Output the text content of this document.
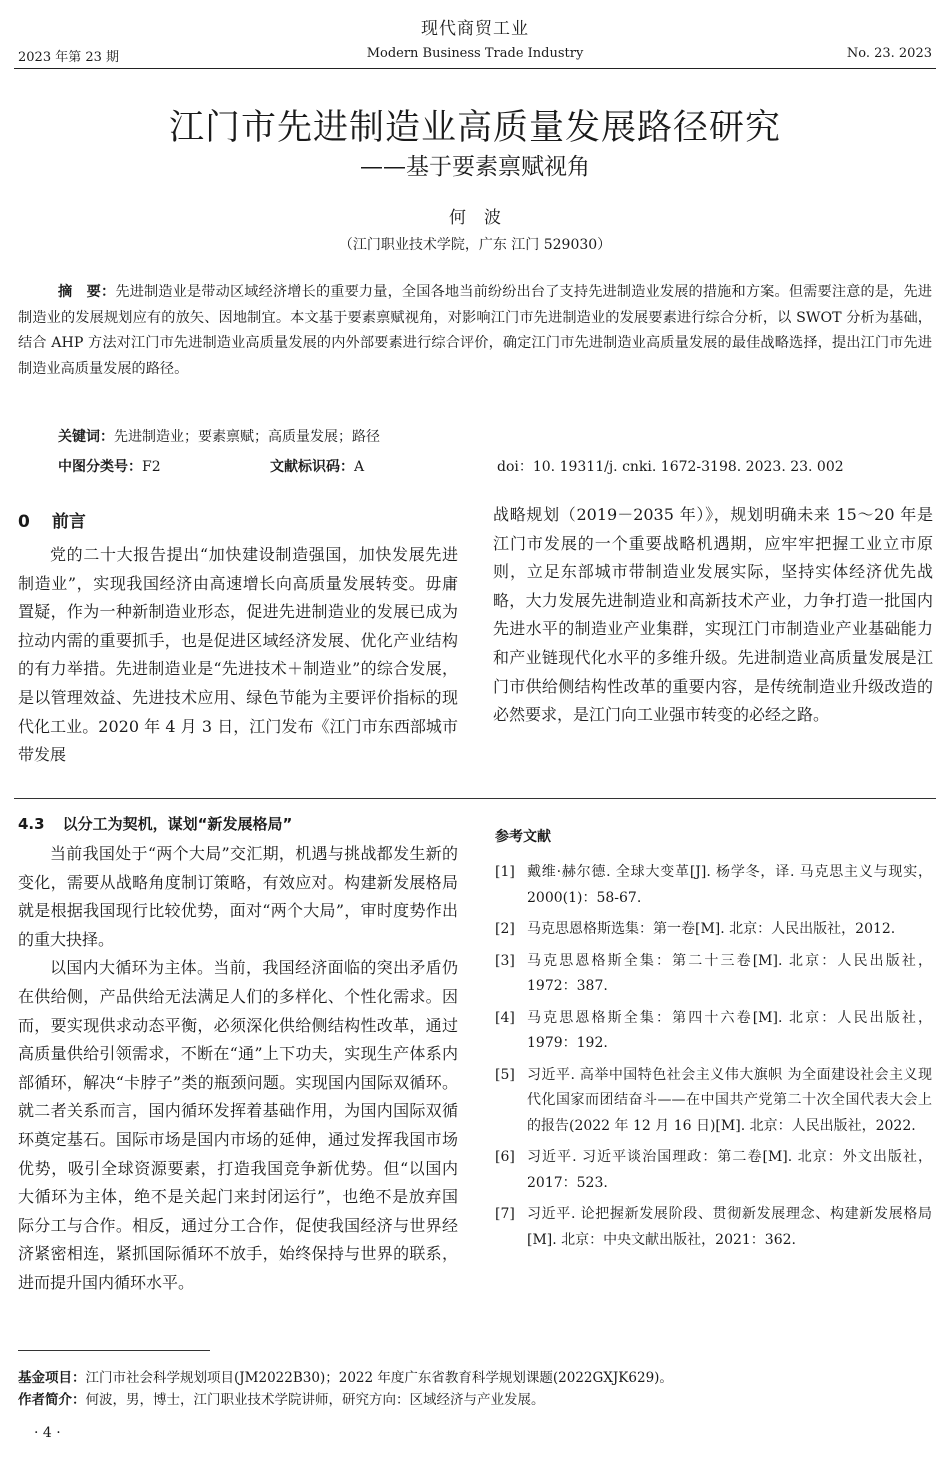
现代商贸工业
2023 年第 23 期	Modern Business Trade Industry	No. 23. 2023
江门市先进制造业高质量发展路径研究
——基于要素禀赋视角
何波
（江门职业技术学院，广东 江门 529030）
摘　要：先进制造业是带动区域经济增长的重要力量，全国各地当前纷纷出台了支持先进制造业发展的措施和方案。但需要注意的是，先进制造业的发展规划应有的放矢、因地制宜。本文基于要素禀赋视角，对影响江门市先进制造业的发展要素进行综合分析，以 SWOT 分析为基础，结合 AHP 方法对江门市先进制造业高质量发展的内外部要素进行综合评价，确定江门市先进制造业高质量发展的最佳战略选择，提出江门市先进制造业高质量发展的路径。
关键词：先进制造业；要素禀赋；高质量发展；路径
中图分类号：F2	文献标识码：A	doi：10. 19311/j. cnki. 1672-3198. 2023. 23. 002
0 前言

党的二十大报告提出“加快建设制造强国，加快发展先进制造业”，实现我国经济由高速增长向高质量发展转变。毋庸置疑，作为一种新制造业形态，促进先进制造业的发展已成为拉动内需的重要抓手，也是促进区域经济发展、优化产业结构的有力举措。先进制造业是“先进技术＋制造业”的综合发展，是以管理效益、先进技术应用、绿色节能为主要评价指标的现代化工业。2020 年 4 月 3 日，江门发布《江门市东西部城市带发展

战略规划（2019－2035 年）》，规划明确未来 15～20 年是江门市发展的一个重要战略机遇期，应牢牢把握工业立市原则，立足东部城市带制造业发展实际，坚持实体经济优先战略，大力发展先进制造业和高新技术产业，力争打造一批国内先进水平的制造业产业集群，实现江门市制造业产业基础能力和产业链现代化水平的多维升级。先进制造业高质量发展是江门市供给侧结构性改革的重要内容，是传统制造业升级改造的必然要求，是江门向工业强市转变的必经之路。

4.3 以分工为契机，谋划“新发展格局”

当前我国处于“两个大局”交汇期，机遇与挑战都发生新的变化，需要从战略角度制订策略，有效应对。构建新发展格局就是根据我国现行比较优势，面对“两个大局”，审时度势作出的重大抉择。

以国内大循环为主体。当前，我国经济面临的突出矛盾仍在供给侧，产品供给无法满足人们的多样化、个性化需求。因而，要实现供求动态平衡，必须深化供给侧结构性改革，通过高质量供给引领需求，不断在“通”上下功夫，实现生产体系内部循环，解决“卡脖子”类的瓶颈问题。实现国内国际双循环。就二者关系而言，国内循环发挥着基础作用，为国内国际双循环奠定基石。国际市场是国内市场的延伸，通过发挥我国市场优势，吸引全球资源要素，打造我国竞争新优势。但“以国内大循环为主体，绝不是关起门来封闭运行”，也绝不是放弃国际分工与合作。相反，通过分工合作，促使我国经济与世界经济紧密相连，紧抓国际循环不放手，始终保持与世界的联系，进而提升国内循环水平。

参考文献
[1] 戴维·赫尔德. 全球大变革[J]. 杨学冬，译. 马克思主义与现实，2000(1)：58-67.
[2] 马克思恩格斯选集：第一卷[M]. 北京：人民出版社，2012.
[3] 马克思恩格斯全集：第二十三卷[M]. 北京：人民出版社，1972：387.
[4] 马克思恩格斯全集：第四十六卷[M]. 北京：人民出版社，1979：192.
[5] 习近平. 高举中国特色社会主义伟大旗帜 为全面建设社会主义现代化国家而团结奋斗——在中国共产党第二十次全国代表大会上的报告(2022 年 12 月 16 日)[M]. 北京：人民出版社，2022.
[6] 习近平. 习近平谈治国理政：第二卷[M]. 北京：外文出版社，2017：523.
[7] 习近平. 论把握新发展阶段、贯彻新发展理念、构建新发展格局[M]. 北京：中央文献出版社，2021：362.
基金项目：江门市社会科学规划项目(JM2022B30)；2022 年度广东省教育科学规划课题(2022GXJK629)。
作者简介：何波，男，博士，江门职业技术学院讲师，研究方向：区域经济与产业发展。
· 4 ·
